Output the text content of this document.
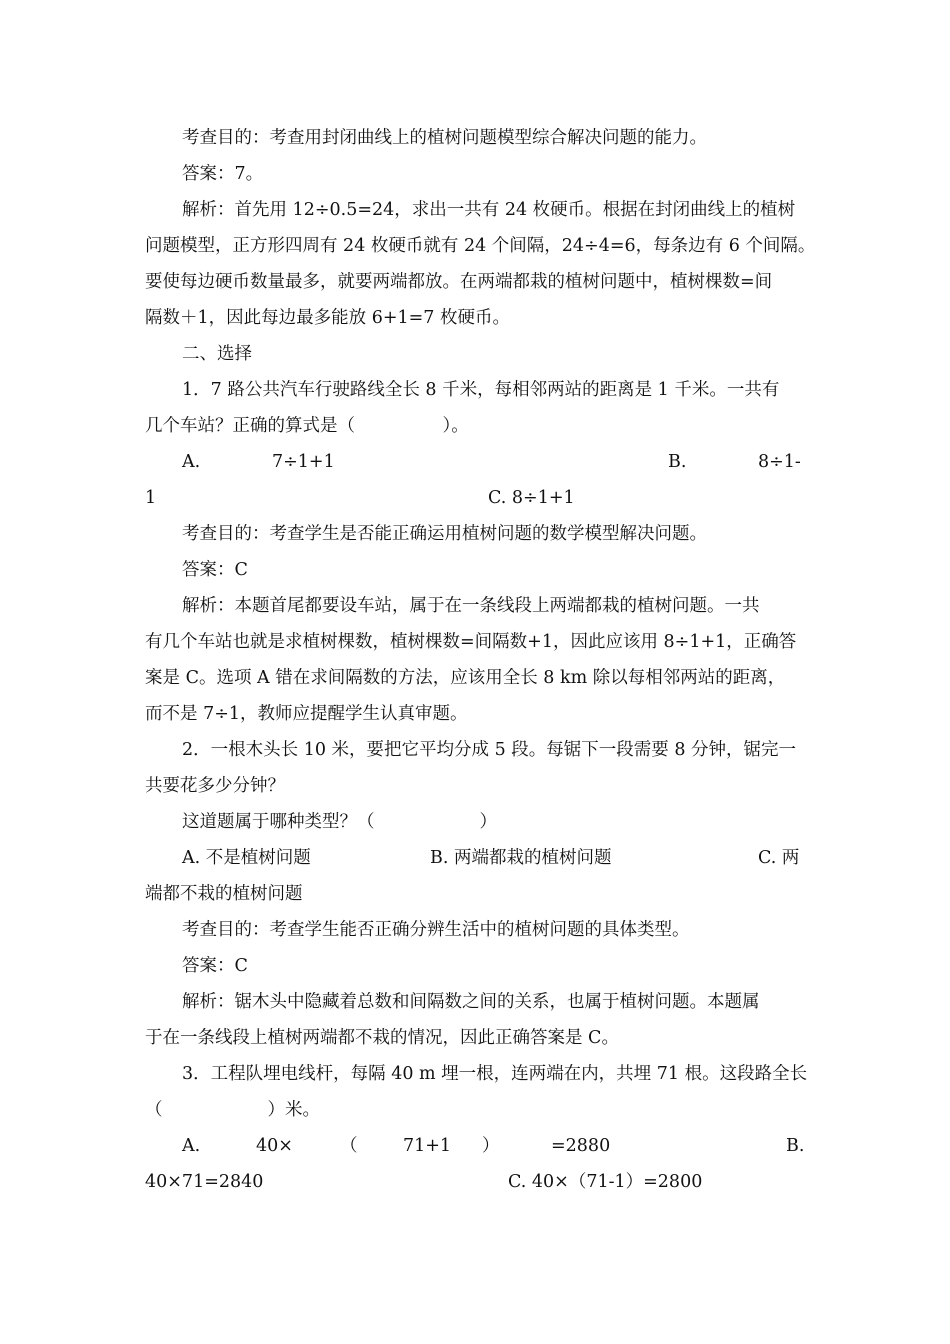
考查目的：考查用封闭曲线上的植树问题模型综合解决问题的能力。
答案：7。
解析：首先用 12÷0.5=24，求出一共有 24 枚硬币。根据在封闭曲线上的植树
问题模型，正方形四周有 24 枚硬币就有 24 个间隔，24÷4=6，每条边有 6 个间隔。
要使每边硬币数量最多，就要两端都放。在两端都栽的植树问题中，植树棵数=间
隔数＋1，因此每边最多能放 6+1=7 枚硬币。
二、选择
1．7 路公共汽车行驶路线全长 8 千米，每相邻两站的距离是 1 千米。一共有
几个车站？正确的算式是（　　　　　）。
A.	7÷1+1	B.	8÷1-
1	C. 8÷1+1
考查目的：考查学生是否能正确运用植树问题的数学模型解决问题。
答案：C
解析：本题首尾都要设车站，属于在一条线段上两端都栽的植树问题。一共
有几个车站也就是求植树棵数，植树棵数=间隔数+1，因此应该用 8÷1+1，正确答
案是 C。选项 A 错在求间隔数的方法，应该用全长 8 km 除以每相邻两站的距离，
而不是 7÷1，教师应提醒学生认真审题。
2．一根木头长 10 米，要把它平均分成 5 段。每锯下一段需要 8 分钟，锯完一
共要花多少分钟？
这道题属于哪种类型？（　　　　　　）
A. 不是植树问题	B. 两端都栽的植树问题	C. 两
端都不栽的植树问题
考查目的：考查学生能否正确分辨生活中的植树问题的具体类型。
答案：C
解析：锯木头中隐藏着总数和间隔数之间的关系，也属于植树问题。本题属
于在一条线段上植树两端都不栽的情况，因此正确答案是 C。
3．工程队埋电线杆，每隔 40 m 埋一根，连两端在内，共埋 71 根。这段路全长
（　　　　　　）米。
A.	40×	（	71+1 ）	=2880	B.
40×71=2840	C. 40×（71-1）=2800
